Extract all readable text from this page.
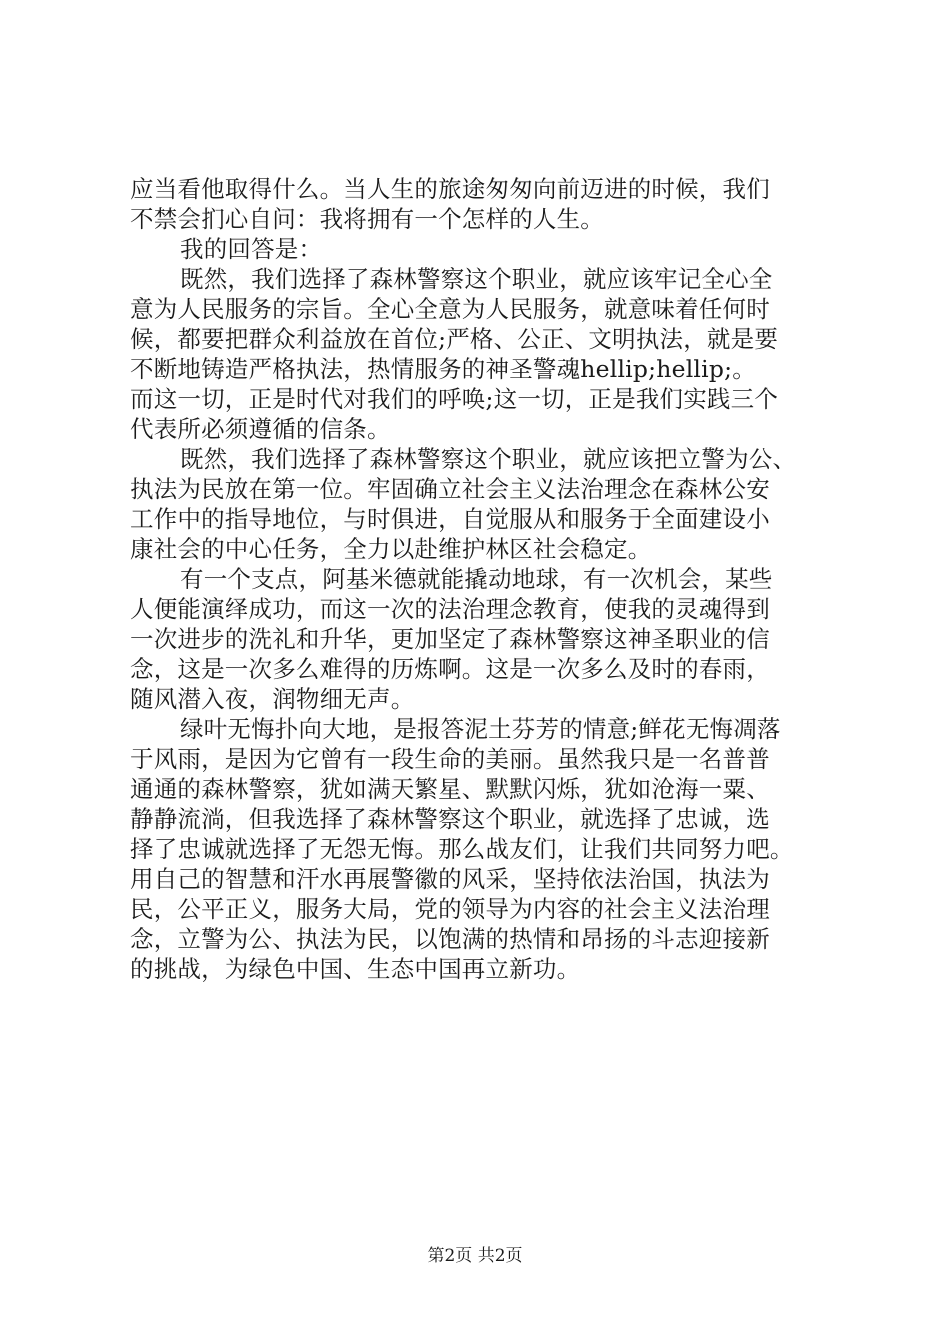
应当看他取得什么。当人生的旅途匆匆向前迈进的时候，我们
不禁会扪心自问：我将拥有一个怎样的人生。
我的回答是：
既然，我们选择了森林警察这个职业，就应该牢记全心全
意为人民服务的宗旨。全心全意为人民服务，就意味着任何时
候，都要把群众利益放在首位;严格、公正、文明执法，就是要
不断地铸造严格执法，热情服务的神圣警魂hellip;hellip;。
而这一切，正是时代对我们的呼唤;这一切，正是我们实践三个
代表所必须遵循的信条。
既然，我们选择了森林警察这个职业，就应该把立警为公、
执法为民放在第一位。牢固确立社会主义法治理念在森林公安
工作中的指导地位，与时俱进，自觉服从和服务于全面建设小
康社会的中心任务，全力以赴维护林区社会稳定。
有一个支点，阿基米德就能撬动地球，有一次机会，某些
人便能演绎成功，而这一次的法治理念教育，使我的灵魂得到
一次进步的洗礼和升华，更加坚定了森林警察这神圣职业的信
念，这是一次多么难得的历炼啊。这是一次多么及时的春雨，
随风潜入夜，润物细无声。
绿叶无悔扑向大地，是报答泥土芬芳的情意;鲜花无悔凋落
于风雨，是因为它曾有一段生命的美丽。虽然我只是一名普普
通通的森林警察，犹如满天繁星、默默闪烁，犹如沧海一粟、
静静流淌，但我选择了森林警察这个职业，就选择了忠诚，选
择了忠诚就选择了无怨无悔。那么战友们，让我们共同努力吧。
用自己的智慧和汗水再展警徽的风采，坚持依法治国，执法为
民，公平正义，服务大局，党的领导为内容的社会主义法治理
念，立警为公、执法为民，以饱满的热情和昂扬的斗志迎接新
的挑战，为绿色中国、生态中国再立新功。
第2页 共2页
